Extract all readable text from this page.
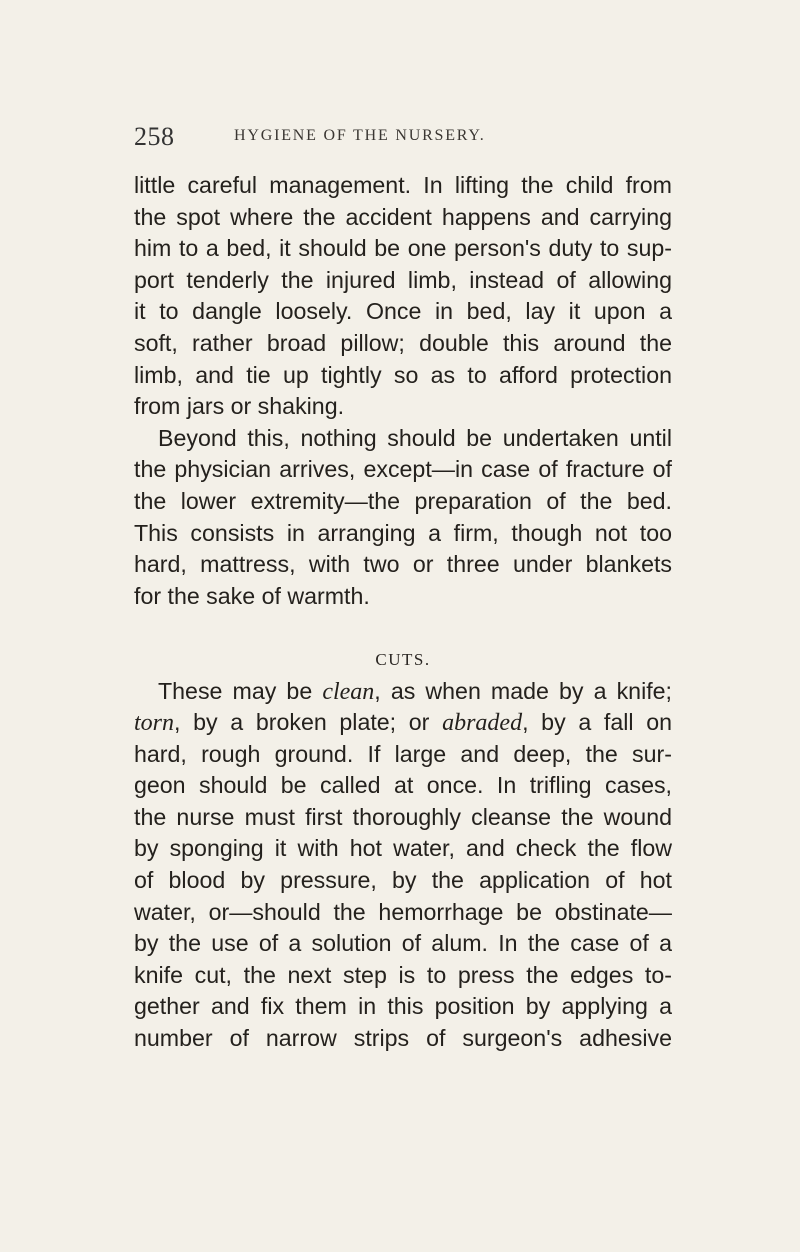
258	HYGIENE OF THE NURSERY.
little careful management. In lifting the child from
the spot where the accident happens and carrying
him to a bed, it should be one person's duty to sup-
port tenderly the injured limb, instead of allowing
it to dangle loosely. Once in bed, lay it upon a
soft, rather broad pillow; double this around the
limb, and tie up tightly so as to afford protection
from jars or shaking.
Beyond this, nothing should be undertaken until
the physician arrives, except—in case of fracture of
the lower extremity—the preparation of the bed.
This consists in arranging a firm, though not too
hard, mattress, with two or three under blankets
for the sake of warmth.
CUTS.
These may be clean, as when made by a knife;
torn, by a broken plate; or abraded, by a fall on
hard, rough ground. If large and deep, the sur-
geon should be called at once. In trifling cases,
the nurse must first thoroughly cleanse the wound
by sponging it with hot water, and check the flow
of blood by pressure, by the application of hot
water, or—should the hemorrhage be obstinate—
by the use of a solution of alum. In the case of a
knife cut, the next step is to press the edges to-
gether and fix them in this position by applying a
number of narrow strips of surgeon's adhesive
